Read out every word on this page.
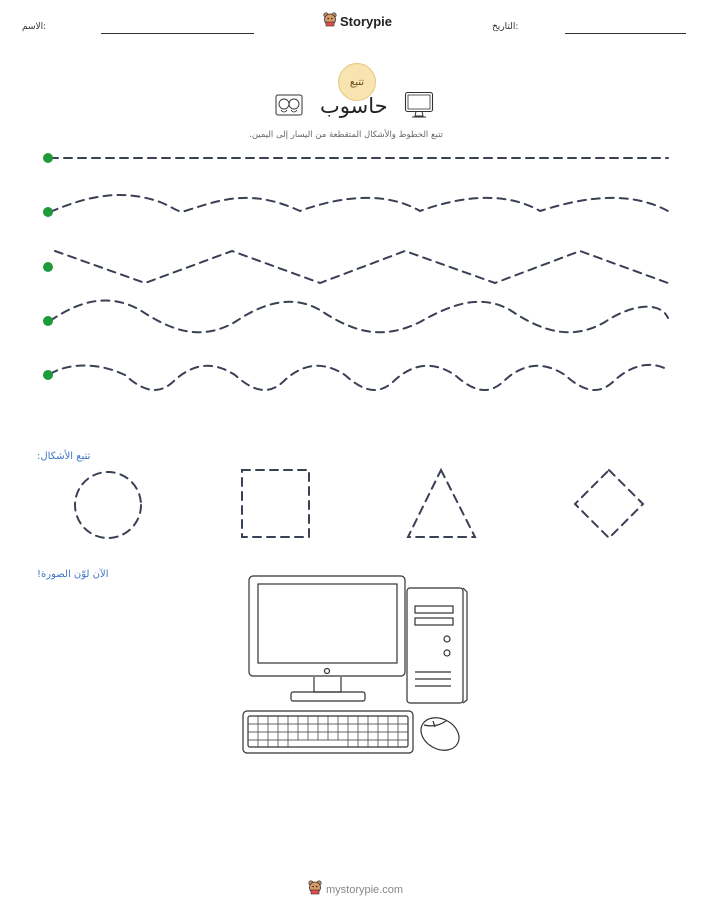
التاريخ:
الاسم:	Storypie
تتبع
حاسوب
تتبع الخطوط والأشكال المتقطعة من اليسار إلى اليمين.
تتبع الأشكال:
الآن لوّن الصورة!
mystorypie.com
